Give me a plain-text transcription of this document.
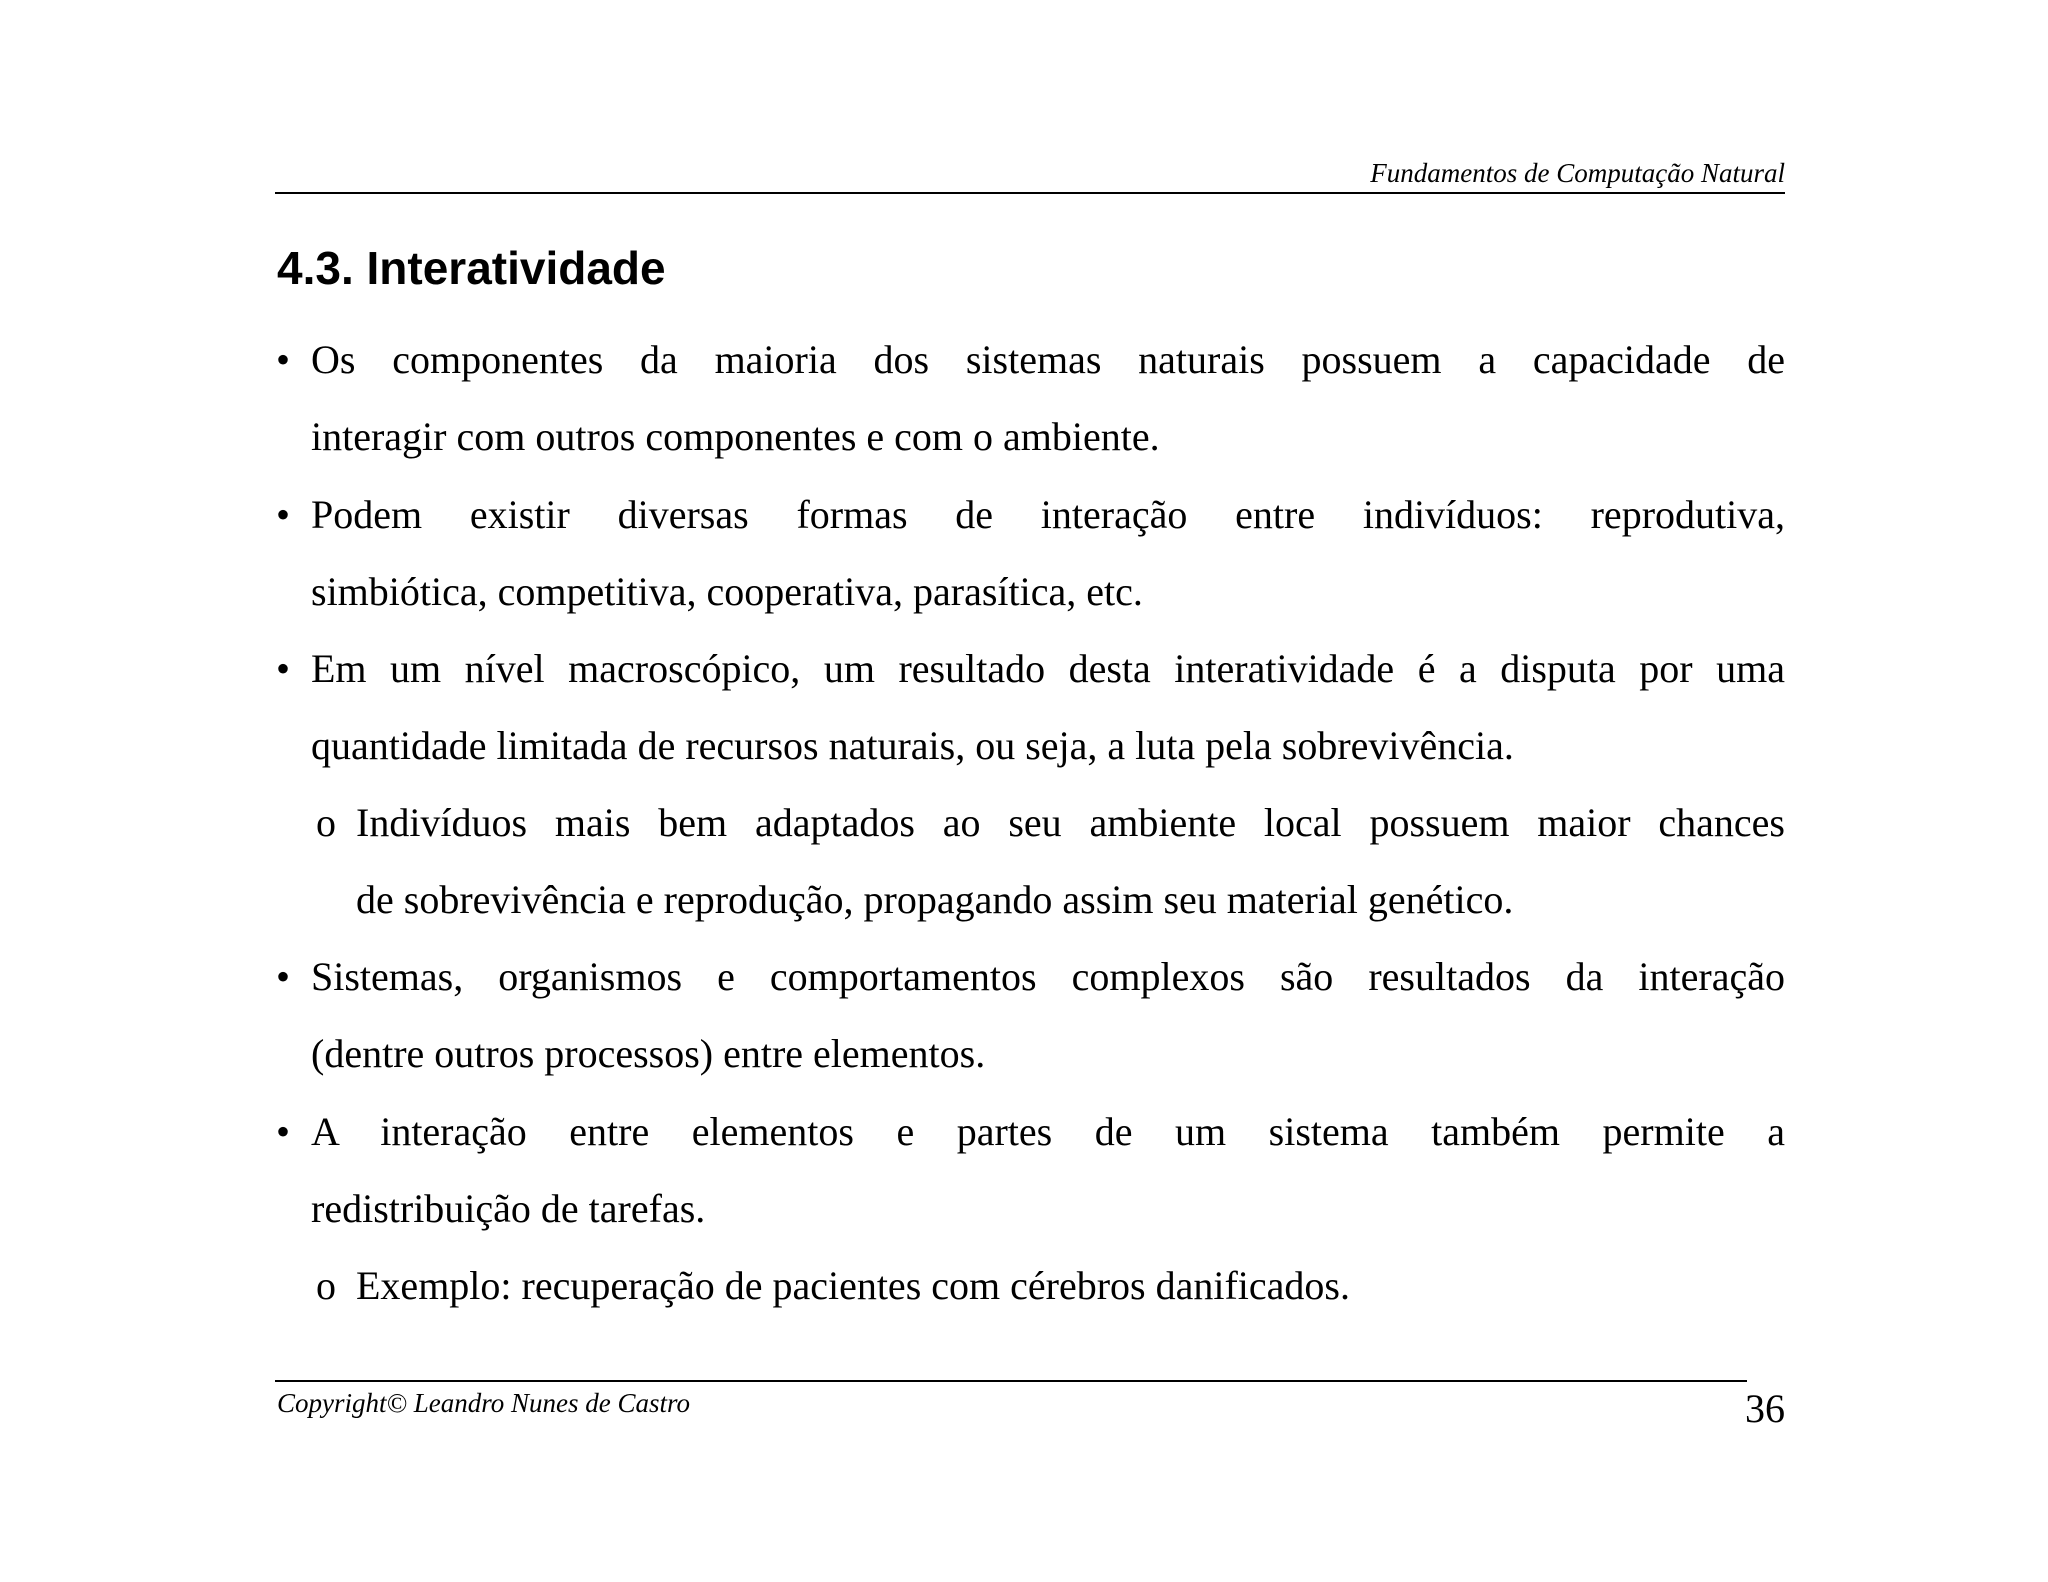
Fundamentos de Computação Natural
4.3. Interatividade
• Os componentes da maioria dos sistemas naturais possuem a capacidade de
interagir com outros componentes e com o ambiente.
• Podem existir diversas formas de interação entre indivíduos: reprodutiva,
simbiótica, competitiva, cooperativa, parasítica, etc.
• Em um nível macroscópico, um resultado desta interatividade é a disputa por uma
quantidade limitada de recursos naturais, ou seja, a luta pela sobrevivência.
o Indivíduos mais bem adaptados ao seu ambiente local possuem maior chances
de sobrevivência e reprodução, propagando assim seu material genético.
• Sistemas, organismos e comportamentos complexos são resultados da interação
(dentre outros processos) entre elementos.
• A interação entre elementos e partes de um sistema também permite a
redistribuição de tarefas.
o Exemplo: recuperação de pacientes com cérebros danificados.
Copyright© Leandro Nunes de Castro	36
